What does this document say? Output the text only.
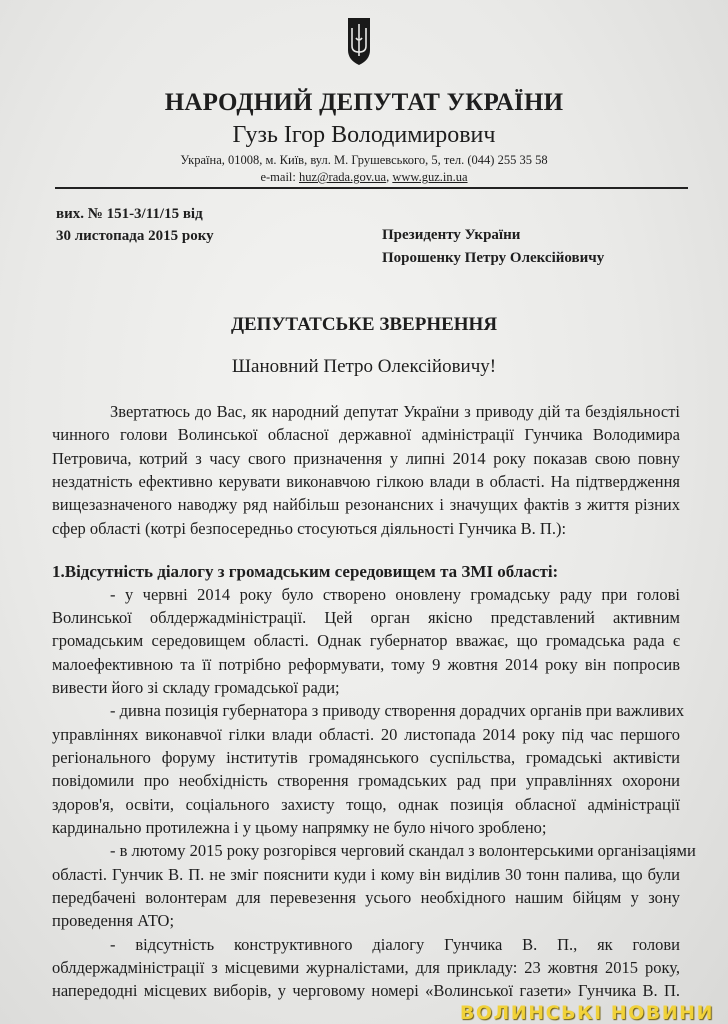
НАРОДНИЙ ДЕПУТАТ УКРАЇНИ
Гузь Ігор Володимирович
Україна, 01008, м. Київ, вул. М. Грушевського, 5, тел. (044) 255 35 58
e-mail: huz@rada.gov.ua, www.guz.in.ua
вих. № 151-3/11/15 від
30 листопада 2015 року	Президенту України
Порошенку Петру Олексійовичу
ДЕПУТАТСЬКЕ ЗВЕРНЕННЯ
Шановний Петро Олексійовичу!
Звертатюсь до Вас, як народний депутат України з приводу дій та бездіяльності
чинного голови Волинської обласної державної адміністрації Гунчика Володимира
Петровича, котрий з часу свого призначення у липні 2014 року показав свою повну
нездатність ефективно керувати виконавчою гілкою влади в області. На підтвердження
вищезазначеного наводжу ряд найбільш резонансних і значущих фактів з життя різних
сфер області (котрі безпосередньо стосуються діяльності Гунчика В. П.):
1.Відсутність діалогу з громадським середовищем та ЗМІ області:
- у червні 2014 року було створено оновлену громадську раду при голові
Волинської облдержадміністрації. Цей орган якісно представлений активним
громадським середовищем області. Однак губернатор вважає, що громадська рада є
малоефективною та її потрібно реформувати, тому 9 жовтня 2014 року він попросив
вивести його зі складу громадської ради;
- дивна позиція губернатора з приводу створення дорадчих органів при важливих
управліннях виконавчої гілки влади області. 20 листопада 2014 року під час першого
регіонального форуму інститутів громадянського суспільства, громадські активісти
повідомили про необхідність створення громадських рад при управліннях охорони
здоров'я, освіти, соціального захисту тощо, однак позиція обласної адміністрації
кардинально протилежна і у цьому напрямку не було нічого зроблено;
- в лютому 2015 року розгорівся черговий скандал з волонтерськими організаціями
області. Гунчик В. П. не зміг пояснити куди і кому він виділив 30 тонн палива, що були
передбачені волонтерам для перевезення усього необхідного нашим бійцям у зону
проведення АТО;
- відсутність конструктивного діалогу Гунчика В. П., як голови
облдержадміністрації з місцевими журналістами, для прикладу: 23 жовтня 2015 року,
напередодні місцевих виборів, у черговому номері «Волинської газети» Гунчика В. П.
ВОЛИНСЬКІ НОВИНИ
